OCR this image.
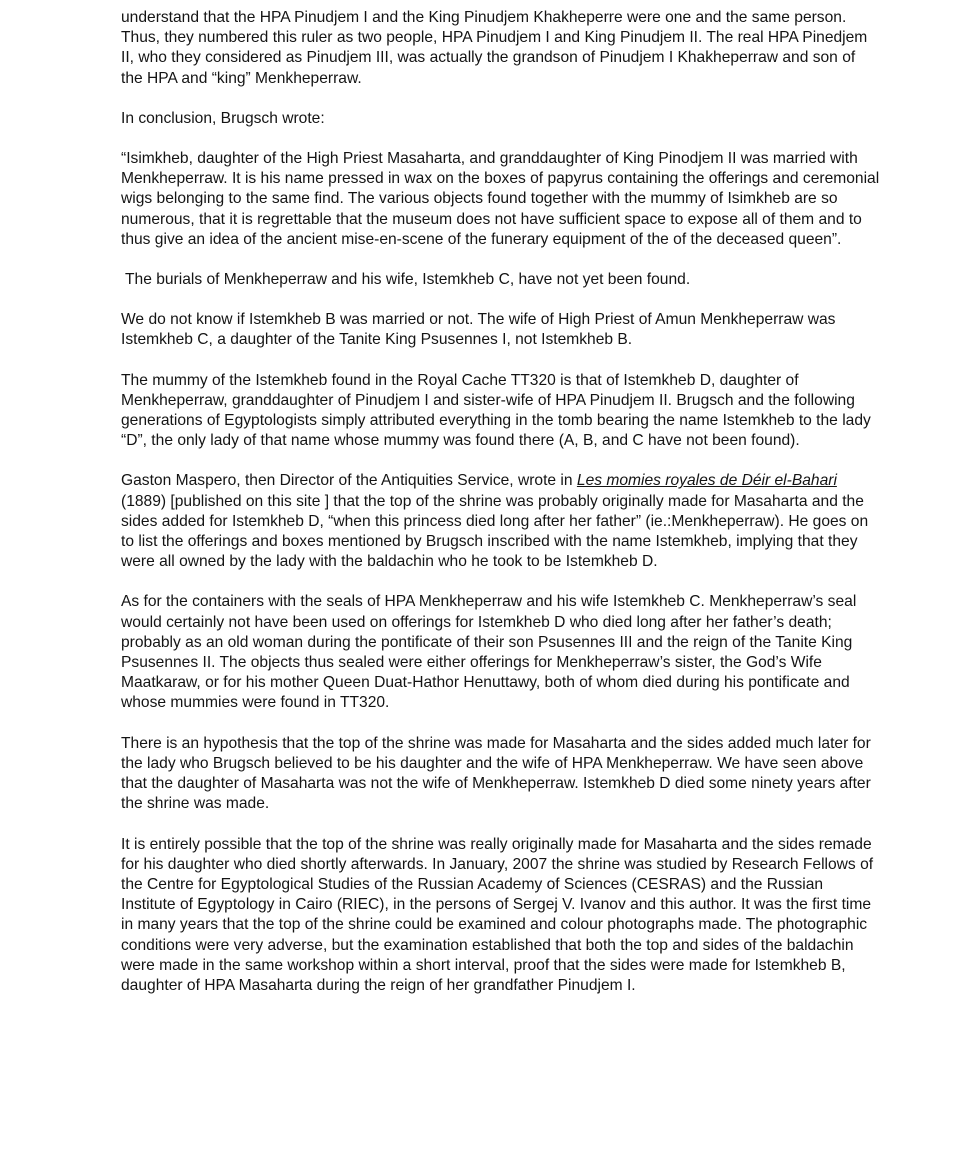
understand that the HPA Pinudjem I and the King Pinudjem Khakheperre were one and the same person. Thus, they numbered this ruler as two people, HPA Pinudjem I and King Pinudjem II. The real HPA Pinedjem II, who they considered as Pinudjem III, was actually the grandson of Pinudjem I Khakheperraw and son of the HPA and “king” Menkheperraw.

In conclusion, Brugsch wrote:

“Isimkheb, daughter of the High Priest Masaharta, and granddaughter of King Pinodjem II was married with Menkheperraw. It is his name pressed in wax on the boxes of papyrus containing the offerings and ceremonial wigs belonging to the same find. The various objects found together with the mummy of Isimkheb are so numerous, that it is regrettable that the museum does not have sufficient space to expose all of them and to thus give an idea of the ancient mise-en-scene of the funerary equipment of the of the deceased queen”.

The burials of Menkheperraw and his wife, Istemkheb C, have not yet been found.

We do not know if Istemkheb B was married or not. The wife of High Priest of Amun Menkheperraw was Istemkheb C, a daughter of the Tanite King Psusennes I, not Istemkheb B.

The mummy of the Istemkheb found in the Royal Cache TT320 is that of Istemkheb D, daughter of Menkheperraw, granddaughter of Pinudjem I and sister-wife of HPA Pinudjem II. Brugsch and the following generations of Egyptologists simply attributed everything in the tomb bearing the name Istemkheb to the lady “D”, the only lady of that name whose mummy was found there (A, B, and C have not been found).

Gaston Maspero, then Director of the Antiquities Service, wrote in Les momies royales de Déir el-Bahari (1889) [published on this site ] that the top of the shrine was probably originally made for Masaharta and the sides added for Istemkheb D, “when this princess died long after her father” (ie.:Menkheperraw). He goes on to list the offerings and boxes mentioned by Brugsch inscribed with the name Istemkheb, implying that they were all owned by the lady with the baldachin who he took to be Istemkheb D.

As for the containers with the seals of HPA Menkheperraw and his wife Istemkheb C. Menkheperraw’s seal would certainly not have been used on offerings for Istemkheb D who died long after her father’s death; probably as an old woman during the pontificate of their son Psusennes III and the reign of the Tanite King Psusennes II. The objects thus sealed were either offerings for Menkheperraw’s sister, the God’s Wife Maatkaraw, or for his mother Queen Duat-Hathor Henuttawy, both of whom died during his pontificate and whose mummies were found in TT320.

There is an hypothesis that the top of the shrine was made for Masaharta and the sides added much later for the lady who Brugsch believed to be his daughter and the wife of HPA Menkheperraw. We have seen above that the daughter of Masaharta was not the wife of Menkheperraw. Istemkheb D died some ninety years after the shrine was made.

It is entirely possible that the top of the shrine was really originally made for Masaharta and the sides remade for his daughter who died shortly afterwards. In January, 2007 the shrine was studied by Research Fellows of the Centre for Egyptological Studies of the Russian Academy of Sciences (CESRAS) and the Russian Institute of Egyptology in Cairo (RIEC), in the persons of Sergej V. Ivanov and this author. It was the first time in many years that the top of the shrine could be examined and colour photographs made. The photographic conditions were very adverse, but the examination established that both the top and sides of the baldachin were made in the same workshop within a short interval, proof that the sides were made for Istemkheb B, daughter of HPA Masaharta during the reign of her grandfather Pinudjem I.
